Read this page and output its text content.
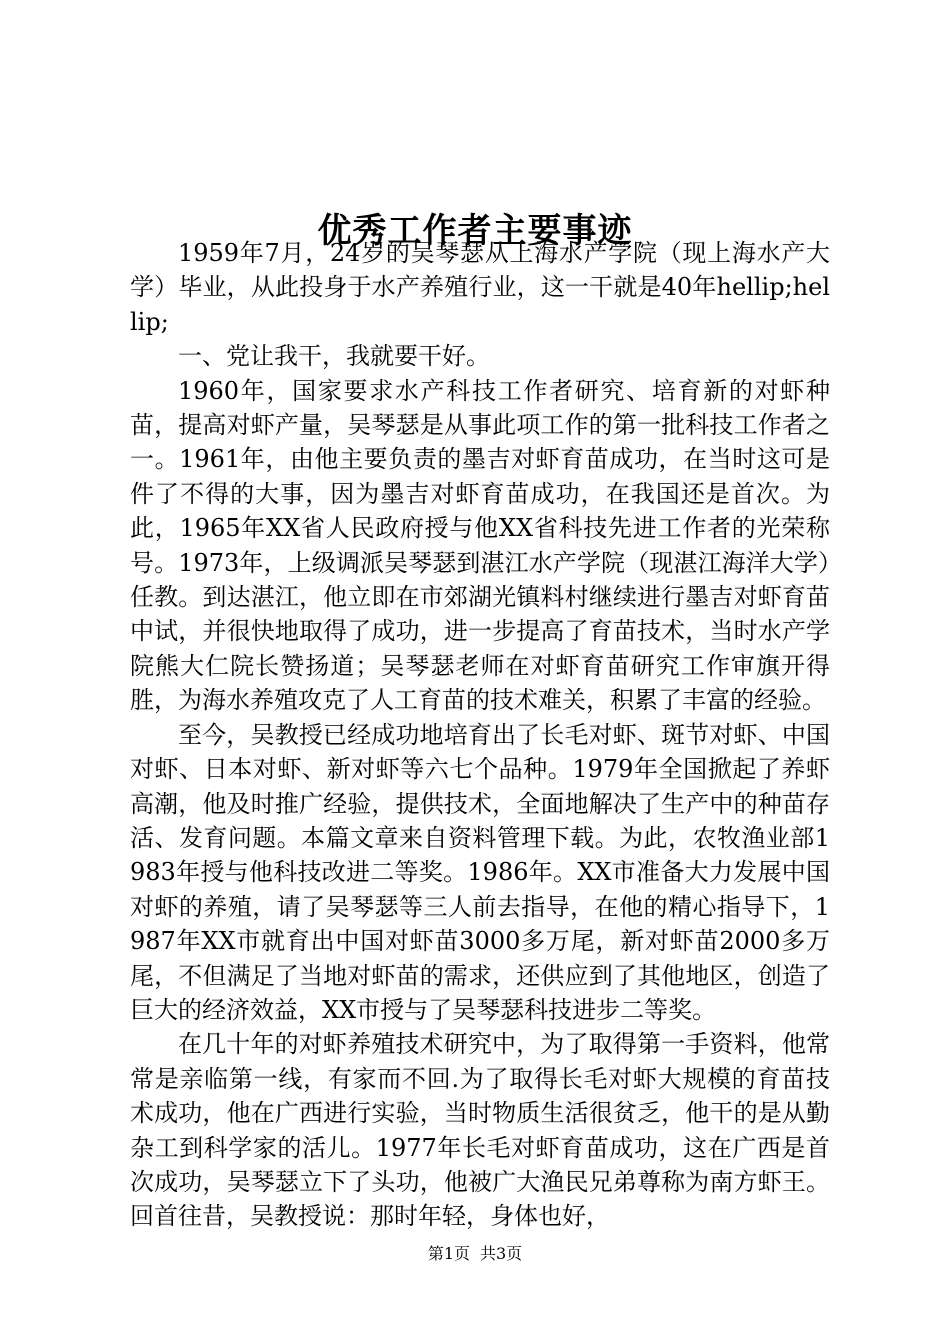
优秀工作者主要事迹

1959年7月，24岁的吴琴瑟从上海水产学院（现上海水产大学）毕业，从此投身于水产养殖行业，这一干就是40年hellip;hellip;

一、党让我干，我就要干好。

1960年，国家要求水产科技工作者研究、培育新的对虾种苗，提高对虾产量，吴琴瑟是从事此项工作的第一批科技工作者之一。1961年，由他主要负责的墨吉对虾育苗成功，在当时这可是件了不得的大事，因为墨吉对虾育苗成功，在我国还是首次。为此，1965年XX省人民政府授与他XX省科技先进工作者的光荣称号。1973年，上级调派吴琴瑟到湛江水产学院（现湛江海洋大学）任教。到达湛江，他立即在市郊湖光镇料村继续进行墨吉对虾育苗中试，并很快地取得了成功，进一步提高了育苗技术，当时水产学院熊大仁院长赞扬道；吴琴瑟老师在对虾育苗研究工作审旗开得胜，为海水养殖攻克了人工育苗的技术难关，积累了丰富的经验。

至今，吴教授已经成功地培育出了长毛对虾、斑节对虾、中国对虾、日本对虾、新对虾等六七个品种。1979年全国掀起了养虾高潮，他及时推广经验，提供技术，全面地解决了生产中的种苗存活、发育问题。本篇文章来自资料管理下载。为此，农牧渔业部1983年授与他科技改进二等奖。1986年。XX市准备大力发展中国对虾的养殖，请了吴琴瑟等三人前去指导，在他的精心指导下，1987年XX市就育出中国对虾苗3000多万尾，新对虾苗2000多万尾，不但满足了当地对虾苗的需求，还供应到了其他地区，创造了巨大的经济效益，XX市授与了吴琴瑟科技进步二等奖。

在几十年的对虾养殖技术研究中，为了取得第一手资料，他常常是亲临第一线，有家而不回.为了取得长毛对虾大规模的育苗技术成功，他在广西进行实验，当时物质生活很贫乏，他干的是从勤杂工到科学家的活儿。1977年长毛对虾育苗成功，这在广西是首次成功，吴琴瑟立下了头功，他被广大渔民兄弟尊称为南方虾王。回首往昔，吴教授说：那时年轻，身体也好，

第1页 共3页
